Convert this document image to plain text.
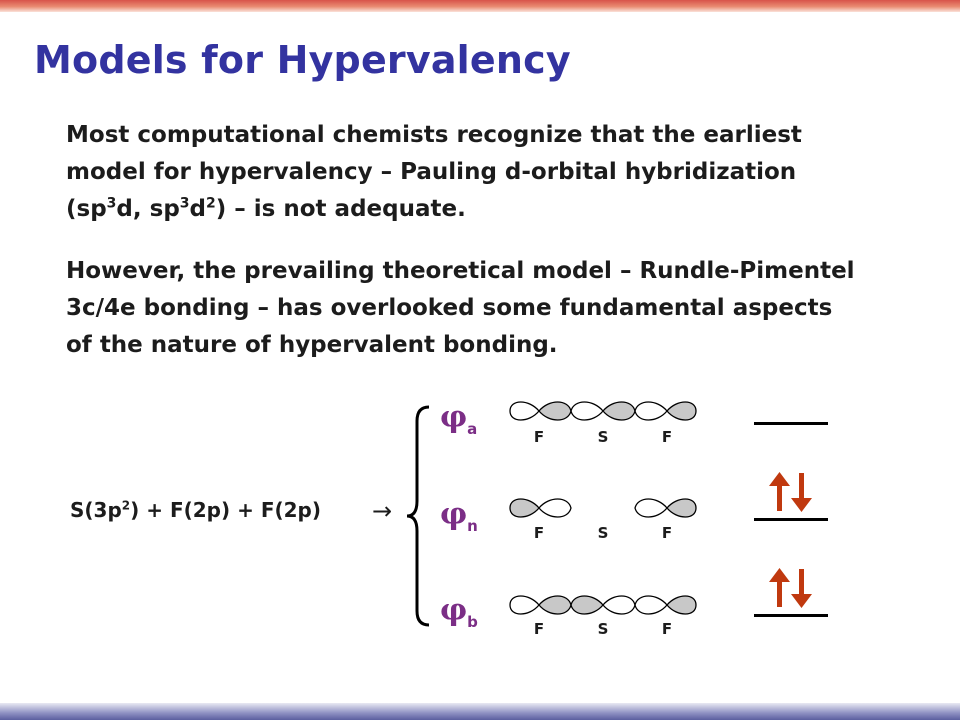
Models for Hypervalency

Most computational chemists recognize that the earliest
model for hypervalency – Pauling d-orbital hybridization
($sp^3d$, $sp^3d^2$) – is not adequate.

However, the prevailing theoretical model – Rundle-Pimentel
3c/4e bonding – has overlooked some fundamental aspects
of the nature of hypervalent bonding.

$S(3p^2) + F(2p) + F(2p)$ →
$\varphi_a$
$\varphi_n$
$\varphi_b$
F	S	F
F	S	F
F	S	F
